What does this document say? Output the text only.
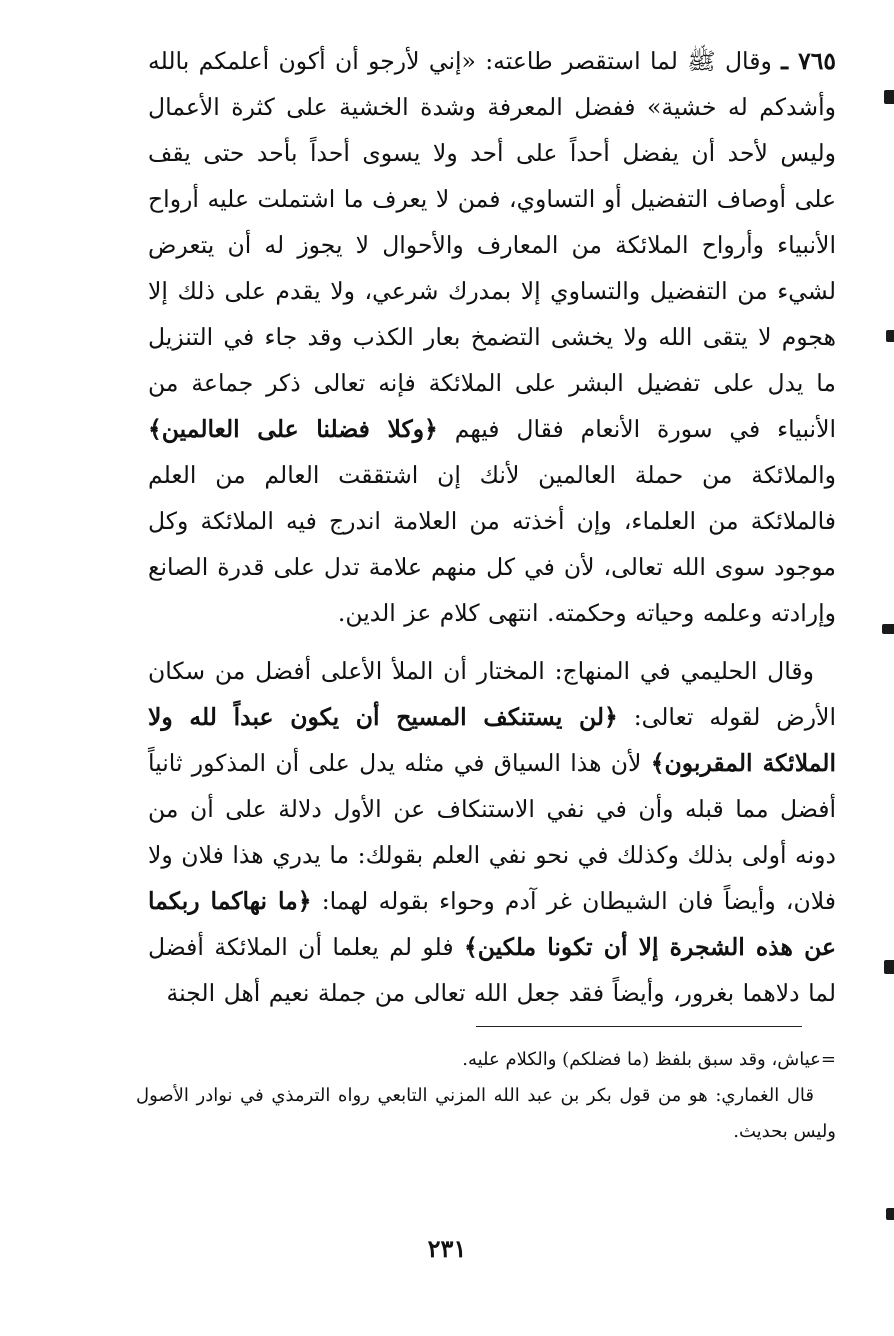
٧٦٥ ـ وقال ﷺ لما استقصر طاعته: «إني لأرجو أن أكون أعلمكم بالله وأشدكم له خشية» ففضل المعرفة وشدة الخشية على كثرة الأعمال وليس لأحد أن يفضل أحداً على أحد ولا يسوى أحداً بأحد حتى يقف على أوصاف التفضيل أو التساوي، فمن لا يعرف ما اشتملت عليه أرواح الأنبياء وأرواح الملائكة من المعارف والأحوال لا يجوز له أن يتعرض لشيء من التفضيل والتساوي إلا بمدرك شرعي، ولا يقدم على ذلك إلا هجوم لا يتقى الله ولا يخشى التضمخ بعار الكذب وقد جاء في التنزيل ما يدل على تفضيل البشر على الملائكة فإنه تعالى ذكر جماعة من الأنبياء في سورة الأنعام فقال فيهم ﴿وكلا فضلنا على العالمين﴾ والملائكة من حملة العالمين لأنك إن اشتققت العالم من العلم فالملائكة من العلماء، وإن أخذته من العلامة اندرج فيه الملائكة وكل موجود سوى الله تعالى، لأن في كل منهم علامة تدل على قدرة الصانع وإرادته وعلمه وحياته وحكمته. انتهى كلام عز الدين.

وقال الحليمي في المنهاج: المختار أن الملأ الأعلى أفضل من سكان الأرض لقوله تعالى: ﴿لن يستنكف المسيح أن يكون عبداً لله ولا الملائكة المقربون﴾ لأن هذا السياق في مثله يدل على أن المذكور ثانياً أفضل مما قبله وأن في نفي الاستنكاف عن الأول دلالة على أن من دونه أولى بذلك وكذلك في نحو نفي العلم بقولك: ما يدري هذا فلان ولا فلان، وأيضاً فان الشيطان غر آدم وحواء بقوله لهما: ﴿ما نهاكما ربكما عن هذه الشجرة إلا أن تكونا ملكين﴾ فلو لم يعلما أن الملائكة أفضل لما دلاهما بغرور، وأيضاً فقد جعل الله تعالى من جملة نعيم أهل الجنة

=عياش، وقد سبق بلفظ (ما فضلكم) والكلام عليه.

قال الغماري: هو من قول بكر بن عبد الله المزني التابعي رواه الترمذي في نوادر الأصول وليس بحديث.

٢٣١
